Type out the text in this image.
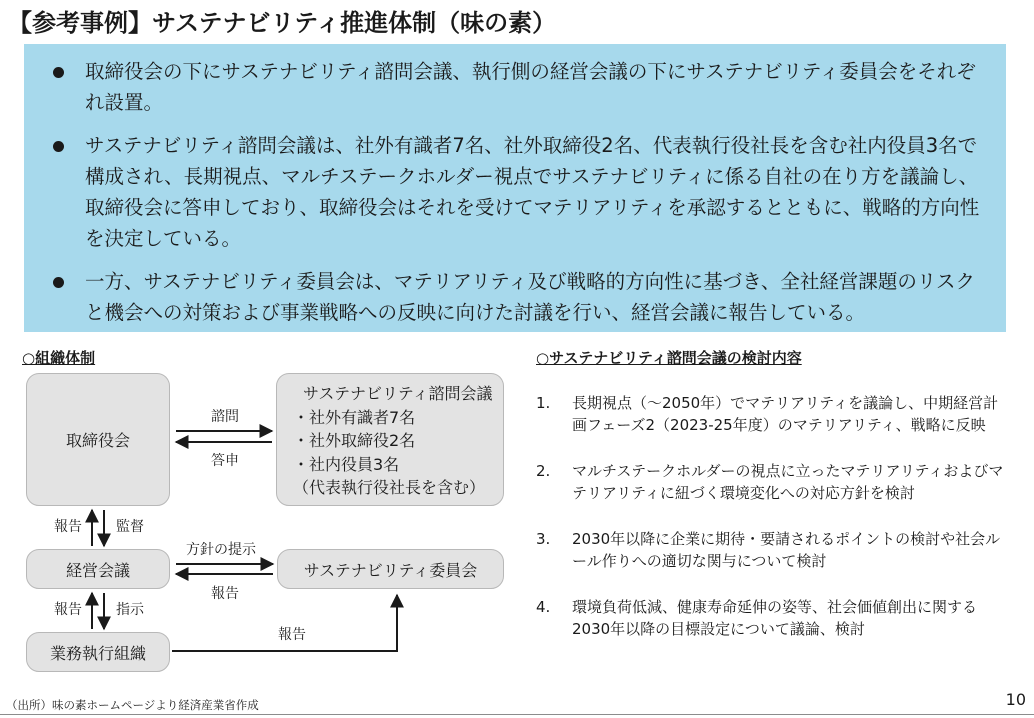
【参考事例】サステナビリティ推進体制（味の素）
取締役会の下にサステナビリティ諮問会議、執行側の経営会議の下にサステナビリティ委員会をそれぞれ設置。
サステナビリティ諮問会議は、社外有識者7名、社外取締役2名、代表執行役社長を含む社内役員3名で構成され、長期視点、マルチステークホルダー視点でサステナビリティに係る自社の在り方を議論し、取締役会に答申しており、取締役会はそれを受けてマテリアリティを承認するとともに、戦略的方向性を決定している。
一方、サステナビリティ委員会は、マテリアリティ及び戦略的方向性に基づき、全社経営課題のリスクと機会への対策および事業戦略への反映に向けた討議を行い、経営会議に報告している。
○組織体制
取締役会
サステナビリティ諮問会議
・社外有識者7名
・社外取締役2名
・社内役員3名
（代表執行役社長を含む）
経営会議	サステナビリティ委員会
業務執行組織
諮問
答申
報告 監督
方針の提示
報告
報告 指示
報告
○サステナビリティ諮問会議の検討内容
1. 長期視点（～2050年）でマテリアリティを議論し、中期経営計画フェーズ2（2023-25年度）のマテリアリティ、戦略に反映
2. マルチステークホルダーの視点に立ったマテリアリティおよびマテリアリティに紐づく環境変化への対応方針を検討
3. 2030年以降に企業に期待・要請されるポイントの検討や社会ルール作りへの適切な関与について検討
4. 環境負荷低減、健康寿命延伸の姿等、社会価値創出に関する2030年以降の目標設定について議論、検討
（出所）味の素ホームページより経済産業省作成	10
